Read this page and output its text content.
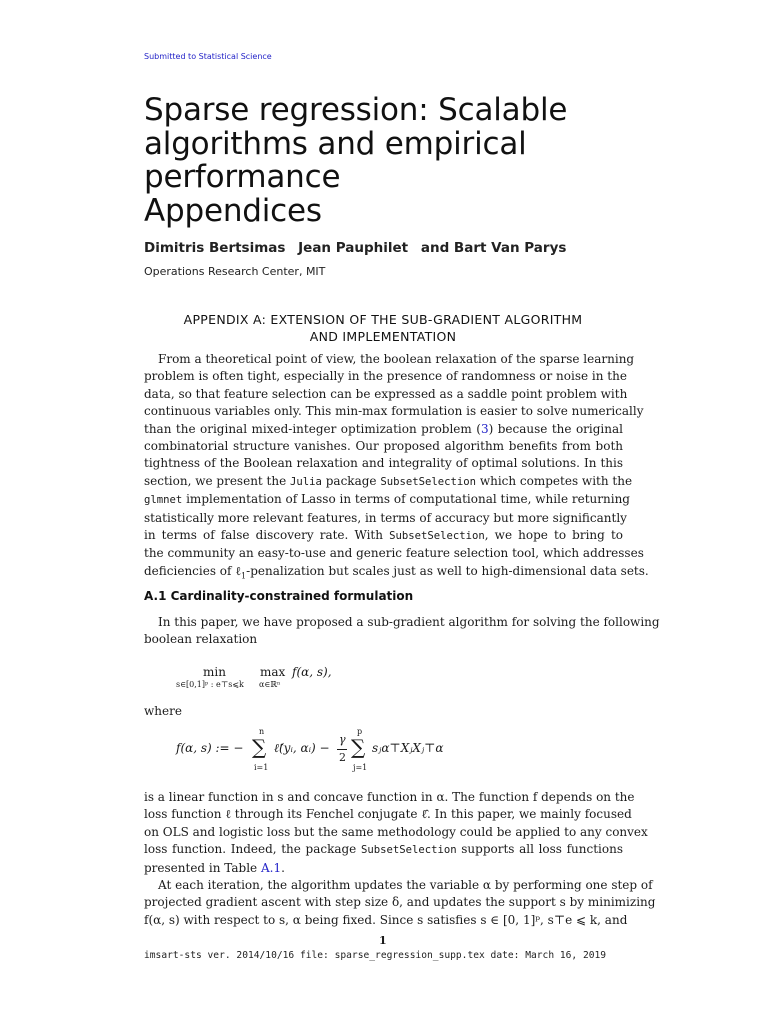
Submitted to Statistical Science
Sparse regression: Scalable
algorithms and empirical
performance
Appendices
Dimitris Bertsimas Jean Pauphilet and Bart Van Parys
Operations Research Center, MIT
APPENDIX A: EXTENSION OF THE SUB-GRADIENT ALGORITHM
AND IMPLEMENTATION
From a theoretical point of view, the boolean relaxation of the sparse learning
problem is often tight, especially in the presence of randomness or noise in the
data, so that feature selection can be expressed as a saddle point problem with
continuous variables only. This min-max formulation is easier to solve numerically
than the original mixed-integer optimization problem (3) because the original
combinatorial structure vanishes. Our proposed algorithm benefits from both
tightness of the Boolean relaxation and integrality of optimal solutions. In this
section, we present the Julia package SubsetSelection which competes with the
glmnet implementation of Lasso in terms of computational time, while returning
statistically more relevant features, in terms of accuracy but more significantly
in terms of false discovery rate. With SubsetSelection, we hope to bring to
the community an easy-to-use and generic feature selection tool, which addresses
deficiencies of ℓ$_1$-penalization but scales just as well to high-dimensional data sets.
A.1 Cardinality-constrained formulation
In this paper, we have proposed a sub-gradient algorithm for solving the following
boolean relaxation
min
s∈[0,1]ᵖ : e⊤s⩽k
max
α∈ℝⁿ
f(α, s),
where
f(α, s) := −
n
∑
i=1
ℓ̂(yᵢ, αᵢ) −
γ
2
p
∑
j=1
sⱼα⊤XⱼXⱼ⊤α
is a linear function in s and concave function in α. The function f depends on the
loss function ℓ through its Fenchel conjugate ℓ̂. In this paper, we mainly focused
on OLS and logistic loss but the same methodology could be applied to any convex
loss function. Indeed, the package SubsetSelection supports all loss functions
presented in Table A.1.
At each iteration, the algorithm updates the variable α by performing one step of
projected gradient ascent with step size δ, and updates the support s by minimizing
f(α, s) with respect to s, α being fixed. Since s satisfies s ∈ [0, 1]ᵖ, s⊤e ⩽ k, and
1
imsart-sts ver. 2014/10/16 file: sparse_regression_supp.tex date: March 16, 2019
